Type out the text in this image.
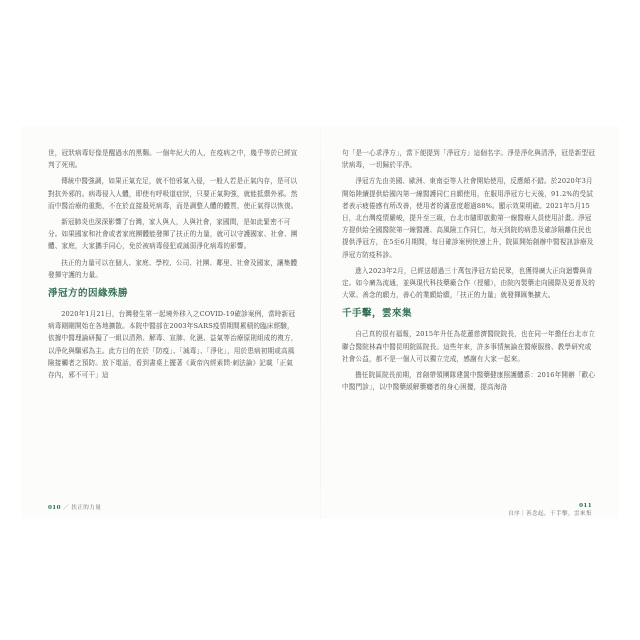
世，冠狀病毒好像是醒過水的黑麵。一個年紀大的人，在疫病之中，幾乎等於已經宣判了死刑。

傳統中醫強調，如果正氣充足，就不怕邪氣入侵，一般人若是正氣內存，是可以對抗外邪的。病毒侵入人體，即使有呼吸道症狀，只要正氣夠強，就能抵禦外邪。然而中醫治療的重點，不在於直接殺死病毒，而是調整人體的體質，使正氣得以恢復。

新冠肺炎也深深影響了台灣，家人與人，人與社會，家國間，是如此緊密不可分。如果國家和社會或者家庭團體能發揮了扶正的力量，就可以守護國家、社會、團體、家庭，大家攜手同心，免於被病毒侵犯或減弱淨化病毒的影響。

扶正的力量可以在個人、家庭、學校、公司、社團、鄰里、社會及國家，讓集體發揮守護的力量。

淨冠方的因緣殊勝

2020年1月21日，台灣發生第一起境外移入之COVID-19確診案例，當時新冠病毒剛剛開始在各地擴散。本院中醫部在2003年SARS疫情期間累積的臨床經驗，依據中醫理論研擬了一組以清熱、解毒、宣肺、化濕、益氣等治療原則組成的複方，以淨化與驅邪為主。此方目的在於「防疫」、「減毒」、「淨化」，用於患病初期或高風險接觸者之預防。放下電話，看到書桌上擺著《黃帝內經素問·刺法論》記載「正氣存內，邪不可干」這

010 ／ 扶正的力量

句「是一心求淨方」，當下便提到「淨冠方」這個名字。淨是淨化與清淨，冠是新型冠狀病毒，一切歸於平淨。

淨冠方先由美國、歐洲、東南亞等人社會開始使用，反應頗不錯。於2020年3月開始陸續提供給國內第一線醫護同仁自願使用，在服用淨冠方七天後，91.2%的受試者表示疲倦感有所改善，使用者的滿意度超過88%。顯示效果明確。2021年5月15日，北台灣疫情嚴峻，提升至三級，台北市隨即啟動第一線醫療人員使用計畫。淨冠方提供給全國醫院第一線醫護、高風險工作同仁，每天到院的病患及確診隔離住民也提供淨冠方，在5至6月期間，每日確診案例快速上升，院區開始創辦中醫視訊診療及淨冠方防疫科診。

進入2023年2月，已經送超過三十萬包淨冠方給民眾，也獲得廣大正向迴響與肯定。如今廣為流通，並與現代科技藥廠合作（授權），由院內製藥走向國際及更普及的大眾。善念的願力，善心的業願給願，「扶正的力量」就發揮匯集擴大。

千手擊，雲來集

自己真的很有福報，2015年升任為花蓮慈濟醫院院長，也在同一年擔任台北市立聯合醫院林森中醫昆明院區院長。這些年來，許多事情無論在醫療服務、教學研究或社會公益，都不是一個人可以獨立完成，感謝有大家一起來。

擔任院區院長前期，首創帶領團隊建置中醫藥健康照護體系：2016年開辦「歡心中醫門診」，以中醫藥緩解藥癮者的身心困擾，提高海洛

011
自序｜善念起，千手擊，雲來集
